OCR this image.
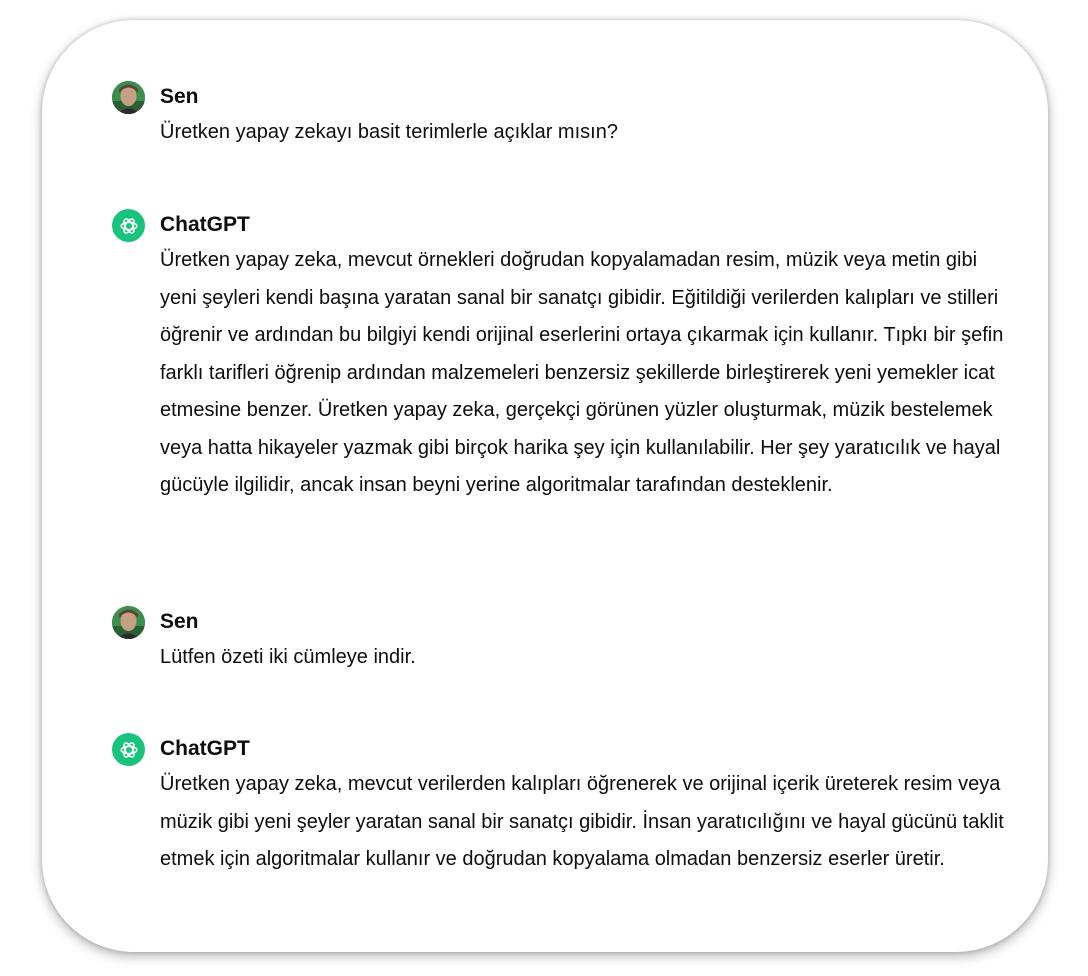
Sen

Üretken yapay zekayı basit terimlerle açıklar mısın?

ChatGPT

Üretken yapay zeka, mevcut örnekleri doğrudan kopyalamadan resim, müzik veya metin gibi yeni şeyleri kendi başına yaratan sanal bir sanatçı gibidir. Eğitildiği verilerden kalıpları ve stilleri öğrenir ve ardından bu bilgiyi kendi orijinal eserlerini ortaya çıkarmak için kullanır. Tıpkı bir şefin farklı tarifleri öğrenip ardından malzemeleri benzersiz şekillerde birleştirerek yeni yemekler icat etmesine benzer. Üretken yapay zeka, gerçekçi görünen yüzler oluşturmak, müzik bestelemek veya hatta hikayeler yazmak gibi birçok harika şey için kullanılabilir. Her şey yaratıcılık ve hayal gücüyle ilgilidir, ancak insan beyni yerine algoritmalar tarafından desteklenir.

Sen

Lütfen özeti iki cümleye indir.

ChatGPT

Üretken yapay zeka, mevcut verilerden kalıpları öğrenerek ve orijinal içerik üreterek resim veya müzik gibi yeni şeyler yaratan sanal bir sanatçı gibidir. İnsan yaratıcılığını ve hayal gücünü taklit etmek için algoritmalar kullanır ve doğrudan kopyalama olmadan benzersiz eserler üretir.
